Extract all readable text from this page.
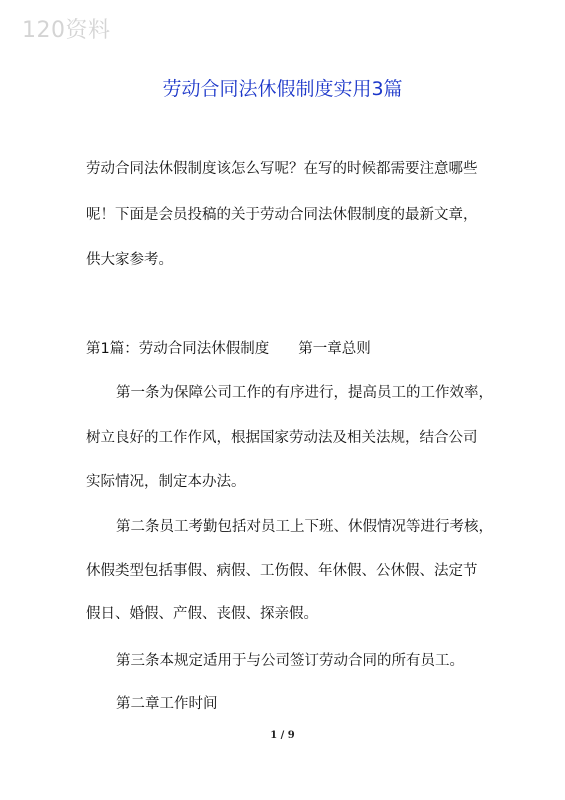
120资料
劳动合同法休假制度实用3篇
劳动合同法休假制度该怎么写呢？在写的时候都需要注意哪些
呢！下面是会员投稿的关于劳动合同法休假制度的最新文章，
供大家参考。
第1篇：劳动合同法休假制度　　第一章总则
第一条为保障公司工作的有序进行，提高员工的工作效率，
树立良好的工作作风，根据国家劳动法及相关法规，结合公司
实际情况，制定本办法。
第二条员工考勤包括对员工上下班、休假情况等进行考核，
休假类型包括事假、病假、工伤假、年休假、公休假、法定节
假日、婚假、产假、丧假、探亲假。
第三条本规定适用于与公司签订劳动合同的所有员工。
第二章工作时间
1 / 9
